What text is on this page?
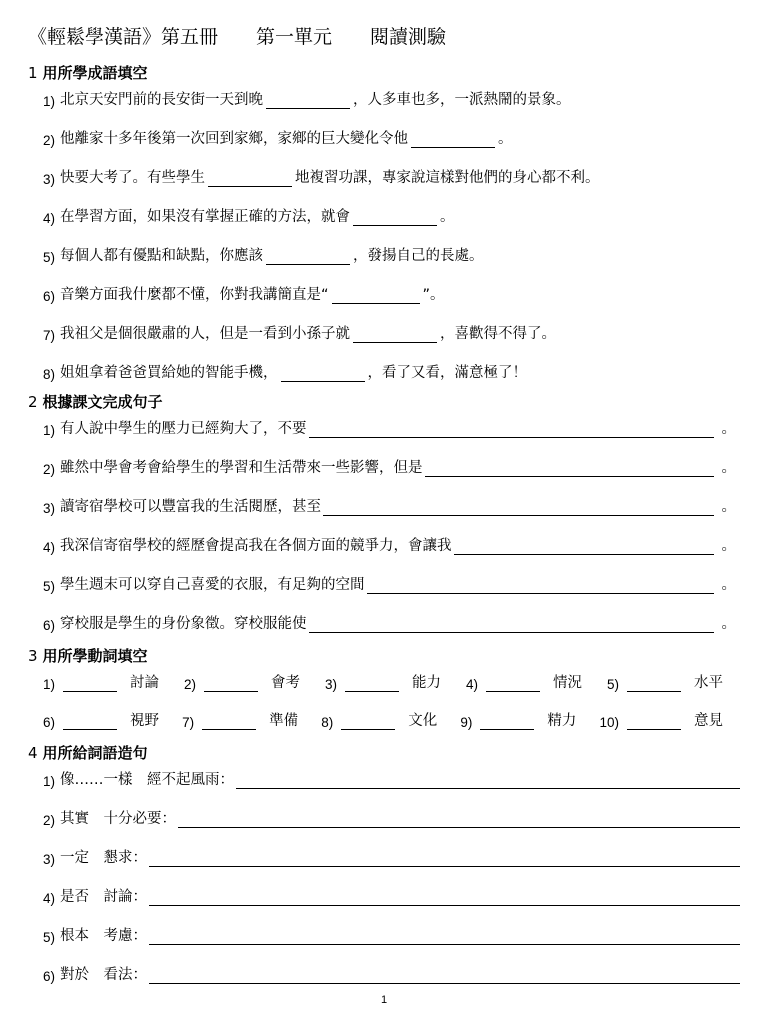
《輕鬆學漢語》第五冊　　第一單元　　閱讀測驗
1 用所學成語填空
1) 北京天安門前的長安街一天到晚	，人多車也多，一派熱鬧的景象。
2) 他離家十多年後第一次回到家鄉，家鄉的巨大變化令他	。
3) 快要大考了。有些學生	地複習功課，專家說這樣對他們的身心都不利。
4) 在學習方面，如果沒有掌握正確的方法，就會	。
5) 每個人都有優點和缺點，你應該	，發揚自己的長處。
6) 音樂方面我什麼都不懂，你對我講簡直是“	”。
7) 我祖父是個很嚴肅的人，但是一看到小孫子就	，喜歡得不得了。
8) 姐姐拿着爸爸買給她的智能手機，	，看了又看，滿意極了！
2 根據課文完成句子
1) 有人說中學生的壓力已經夠大了，不要	。
2) 雖然中學會考會給學生的學習和生活帶來一些影響，但是	。
3) 讀寄宿學校可以豐富我的生活閱歷，甚至	。
4) 我深信寄宿學校的經歷會提高我在各個方面的競爭力，會讓我	。
5) 學生週末可以穿自己喜愛的衣服，有足夠的空間	。
6) 穿校服是學生的身份象徵。穿校服能使	。
3 用所學動詞填空
1)	討論 2)	會考 3)	能力 4)	情況 5)	水平
6)	視野 7)	準備 8)	文化 9)	精力 10)	意見
4 用所給詞語造句
1) 像……一樣　經不起風雨：
2) 其實　十分必要：
3) 一定　懇求：
4) 是否　討論：
5) 根本　考慮：
6) 對於　看法：
1
